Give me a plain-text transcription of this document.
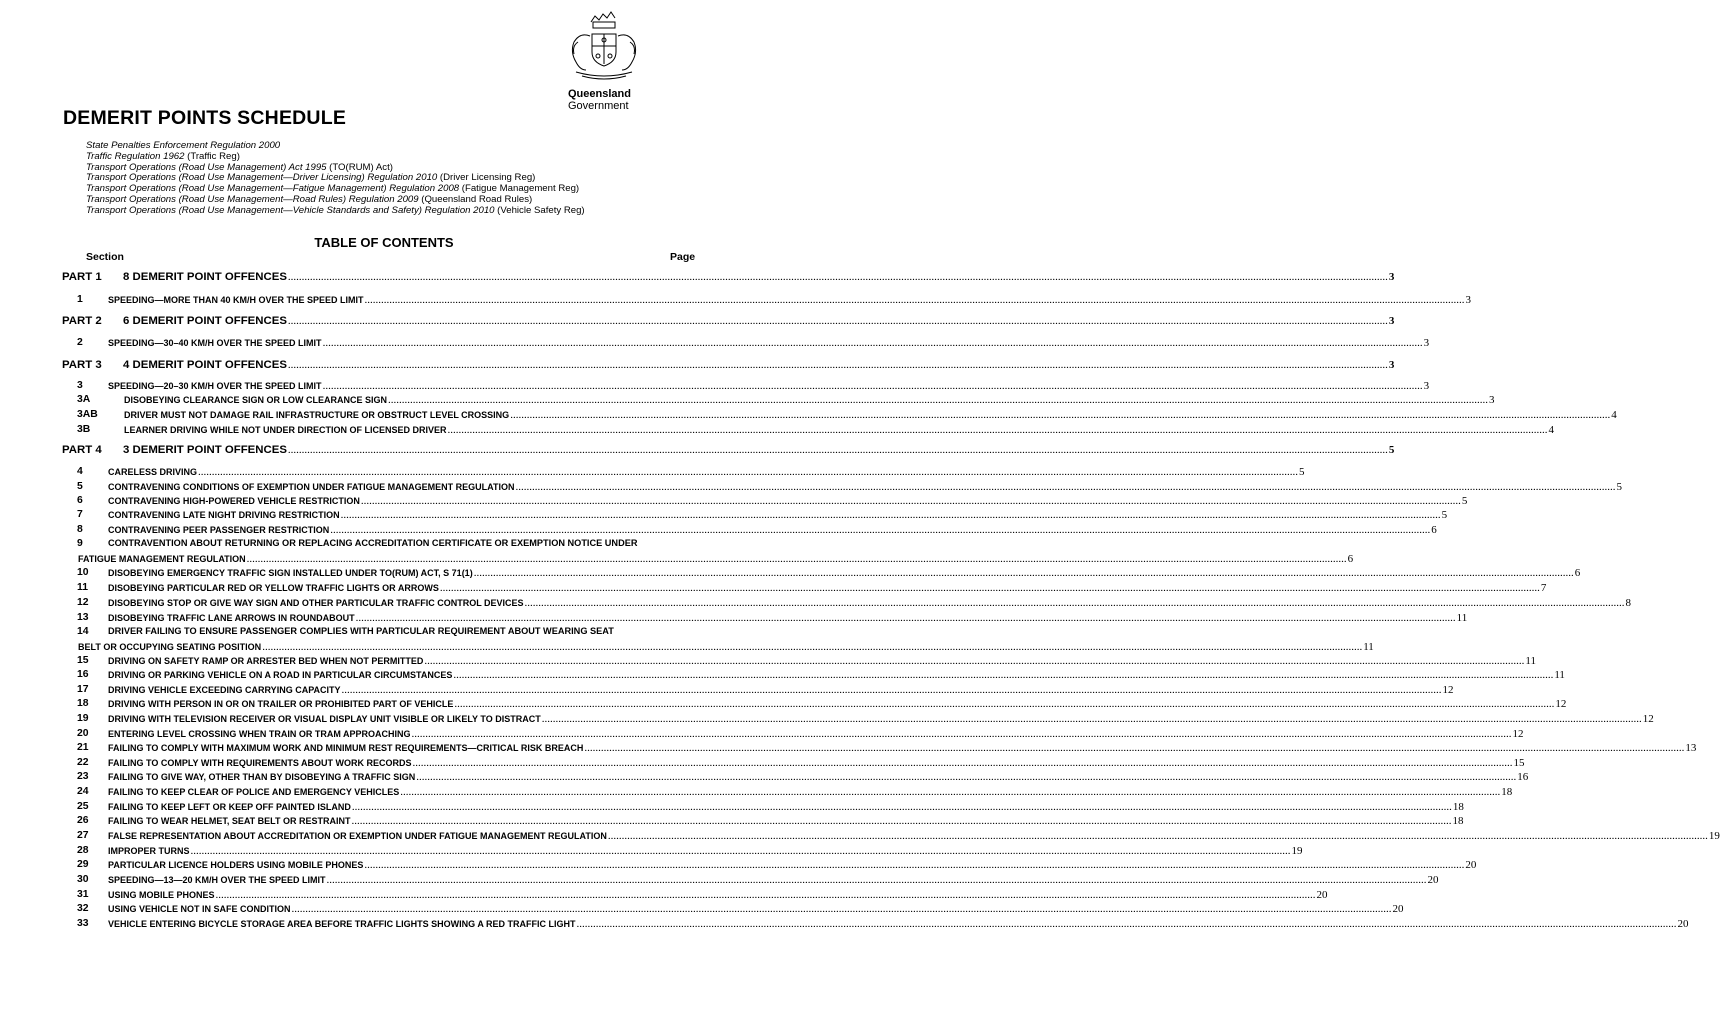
Queensland
Government
DEMERIT POINTS SCHEDULE
State Penalties Enforcement Regulation 2000
Traffic Regulation 1962 (Traffic Reg)
Transport Operations (Road Use Management) Act 1995 (TO(RUM) Act)
Transport Operations (Road Use Management—Driver Licensing) Regulation 2010 (Driver Licensing Reg)
Transport Operations (Road Use Management—Fatigue Management) Regulation 2008 (Fatigue Management Reg)
Transport Operations (Road Use Management—Road Rules) Regulation 2009 (Queensland Road Rules)
Transport Operations (Road Use Management—Vehicle Standards and Safety) Regulation 2010 (Vehicle Safety Reg)
TABLE OF CONTENTS
Section	Page
PART 1 8 DEMERIT POINT OFFENCES ................................................................................................................................................................................................................................................................................................................................................................................................................ 3
1	SPEEDING—MORE THAN 40 KM/H OVER THE SPEED LIMIT ................................................................................................................................................................................................................................................................................................................................................................................................................ 3
PART 2 6 DEMERIT POINT OFFENCES ................................................................................................................................................................................................................................................................................................................................................................................................................ 3
2	SPEEDING—30–40 KM/H OVER THE SPEED LIMIT ................................................................................................................................................................................................................................................................................................................................................................................................................ 3
PART 3 4 DEMERIT POINT OFFENCES ................................................................................................................................................................................................................................................................................................................................................................................................................ 3
3	SPEEDING—20–30 KM/H OVER THE SPEED LIMIT ................................................................................................................................................................................................................................................................................................................................................................................................................ 3
3A	DISOBEYING CLEARANCE SIGN OR LOW CLEARANCE SIGN ................................................................................................................................................................................................................................................................................................................................................................................................................ 3
3AB	DRIVER MUST NOT DAMAGE RAIL INFRASTRUCTURE OR OBSTRUCT LEVEL CROSSING ................................................................................................................................................................................................................................................................................................................................................................................................................ 4
3B	LEARNER DRIVING WHILE NOT UNDER DIRECTION OF LICENSED DRIVER ................................................................................................................................................................................................................................................................................................................................................................................................................ 4
PART 4 3 DEMERIT POINT OFFENCES ................................................................................................................................................................................................................................................................................................................................................................................................................ 5
4	CARELESS DRIVING ................................................................................................................................................................................................................................................................................................................................................................................................................ 5
5	CONTRAVENING CONDITIONS OF EXEMPTION UNDER FATIGUE MANAGEMENT REGULATION ................................................................................................................................................................................................................................................................................................................................................................................................................ 5
6	CONTRAVENING HIGH-POWERED VEHICLE RESTRICTION ................................................................................................................................................................................................................................................................................................................................................................................................................ 5
7	CONTRAVENING LATE NIGHT DRIVING RESTRICTION ................................................................................................................................................................................................................................................................................................................................................................................................................ 5
8	CONTRAVENING PEER PASSENGER RESTRICTION ................................................................................................................................................................................................................................................................................................................................................................................................................ 6
9	CONTRAVENTION ABOUT RETURNING OR REPLACING ACCREDITATION CERTIFICATE OR EXEMPTION NOTICE UNDER
FATIGUE MANAGEMENT REGULATION ................................................................................................................................................................................................................................................................................................................................................................................................................ 6
10 DISOBEYING EMERGENCY TRAFFIC SIGN INSTALLED UNDER TO(RUM) ACT, S 71(1) ................................................................................................................................................................................................................................................................................................................................................................................................................ 6
11 DISOBEYING PARTICULAR RED OR YELLOW TRAFFIC LIGHTS OR ARROWS ................................................................................................................................................................................................................................................................................................................................................................................................................ 7
12 DISOBEYING STOP OR GIVE WAY SIGN AND OTHER PARTICULAR TRAFFIC CONTROL DEVICES ................................................................................................................................................................................................................................................................................................................................................................................................................ 8
13 DISOBEYING TRAFFIC LANE ARROWS IN ROUNDABOUT ................................................................................................................................................................................................................................................................................................................................................................................................................ 11
14 DRIVER FAILING TO ENSURE PASSENGER COMPLIES WITH PARTICULAR REQUIREMENT ABOUT WEARING SEAT
BELT OR OCCUPYING SEATING POSITION ................................................................................................................................................................................................................................................................................................................................................................................................................ 11
15 DRIVING ON SAFETY RAMP OR ARRESTER BED WHEN NOT PERMITTED ................................................................................................................................................................................................................................................................................................................................................................................................................ 11
16 DRIVING OR PARKING VEHICLE ON A ROAD IN PARTICULAR CIRCUMSTANCES ................................................................................................................................................................................................................................................................................................................................................................................................................ 11
17 DRIVING VEHICLE EXCEEDING CARRYING CAPACITY ................................................................................................................................................................................................................................................................................................................................................................................................................ 12
18 DRIVING WITH PERSON IN OR ON TRAILER OR PROHIBITED PART OF VEHICLE ................................................................................................................................................................................................................................................................................................................................................................................................................ 12
19 DRIVING WITH TELEVISION RECEIVER OR VISUAL DISPLAY UNIT VISIBLE OR LIKELY TO DISTRACT ................................................................................................................................................................................................................................................................................................................................................................................................................ 12
20 ENTERING LEVEL CROSSING WHEN TRAIN OR TRAM APPROACHING ................................................................................................................................................................................................................................................................................................................................................................................................................ 12
21 FAILING TO COMPLY WITH MAXIMUM WORK AND MINIMUM REST REQUIREMENTS—CRITICAL RISK BREACH ................................................................................................................................................................................................................................................................................................................................................................................................................ 13
22 FAILING TO COMPLY WITH REQUIREMENTS ABOUT WORK RECORDS ................................................................................................................................................................................................................................................................................................................................................................................................................ 15
23 FAILING TO GIVE WAY, OTHER THAN BY DISOBEYING A TRAFFIC SIGN ................................................................................................................................................................................................................................................................................................................................................................................................................ 16
24 FAILING TO KEEP CLEAR OF POLICE AND EMERGENCY VEHICLES ................................................................................................................................................................................................................................................................................................................................................................................................................ 18
25 FAILING TO KEEP LEFT OR KEEP OFF PAINTED ISLAND ................................................................................................................................................................................................................................................................................................................................................................................................................ 18
26 FAILING TO WEAR HELMET, SEAT BELT OR RESTRAINT ................................................................................................................................................................................................................................................................................................................................................................................................................ 18
27 FALSE REPRESENTATION ABOUT ACCREDITATION OR EXEMPTION UNDER FATIGUE MANAGEMENT REGULATION ................................................................................................................................................................................................................................................................................................................................................................................................................ 19
28 IMPROPER TURNS ................................................................................................................................................................................................................................................................................................................................................................................................................ 19
29 PARTICULAR LICENCE HOLDERS USING MOBILE PHONES ................................................................................................................................................................................................................................................................................................................................................................................................................ 20
30 SPEEDING—13—20 KM/H OVER THE SPEED LIMIT ................................................................................................................................................................................................................................................................................................................................................................................................................ 20
31 USING MOBILE PHONES ................................................................................................................................................................................................................................................................................................................................................................................................................ 20
32 USING VEHICLE NOT IN SAFE CONDITION ................................................................................................................................................................................................................................................................................................................................................................................................................ 20
33 VEHICLE ENTERING BICYCLE STORAGE AREA BEFORE TRAFFIC LIGHTS SHOWING A RED TRAFFIC LIGHT ................................................................................................................................................................................................................................................................................................................................................................................................................ 20
